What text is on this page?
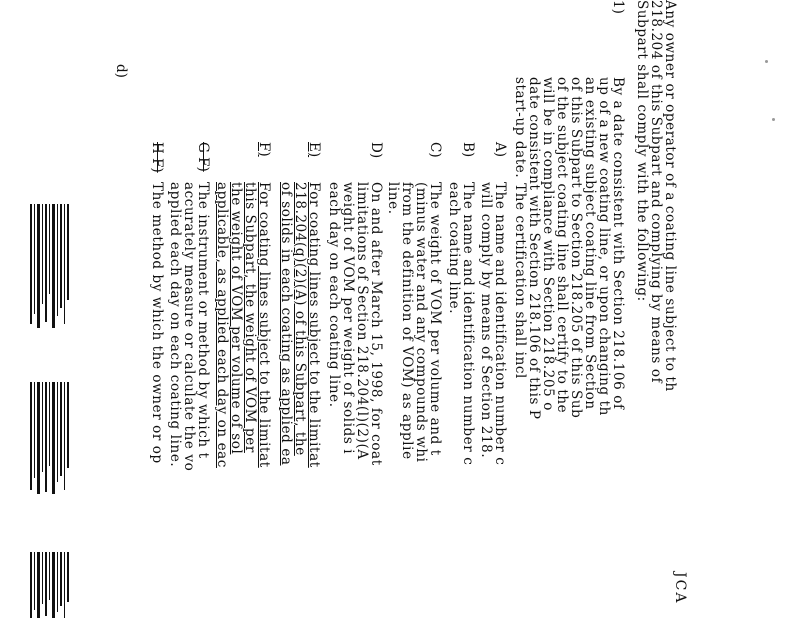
JCA
Any owner or operator of a coating line subject to th
218.204 of this Subpart and complying by means of
Subpart shall comply with the following:
1)
By a date consistent with Section 218.106 of
up of a new coating line, or upon changing th
an existing subject coating line from Section
of this Subpart to Section 218.205 of this Sub
of the subject coating line shall certify to the
will be in compliance with Section 218.205 o
date consistent with Section 218.106 of this P
start-up date. The certification shall incl
A)
The name and identification number c
will comply by means of Section 218.
B)
The name and identification number c
each coating line.
C)
The weight of VOM per volume and t
(minus water and any compounds whi
from the definition of VOM) as applie
line.
D)
On and after March 15, 1998, for coat
limitations of Section 218.204(l)(2)(A
weight of VOM per weight of solids i
each day on each coating line.
E)
For coating lines subject to the limitat
218.204(q)(2)(A) of this Subpart, the
of solids in each coating as applied ea
F)
For coating lines subject to the limitat
this Subpart, the weight of VOM per
the weight of VOM per volume of sol
applicable, as applied each day on eac
G F)
The instrument or method by which t
accurately measure or calculate the vo
applied each day on each coating line.
H F)
The method by which the owner or op
d)
